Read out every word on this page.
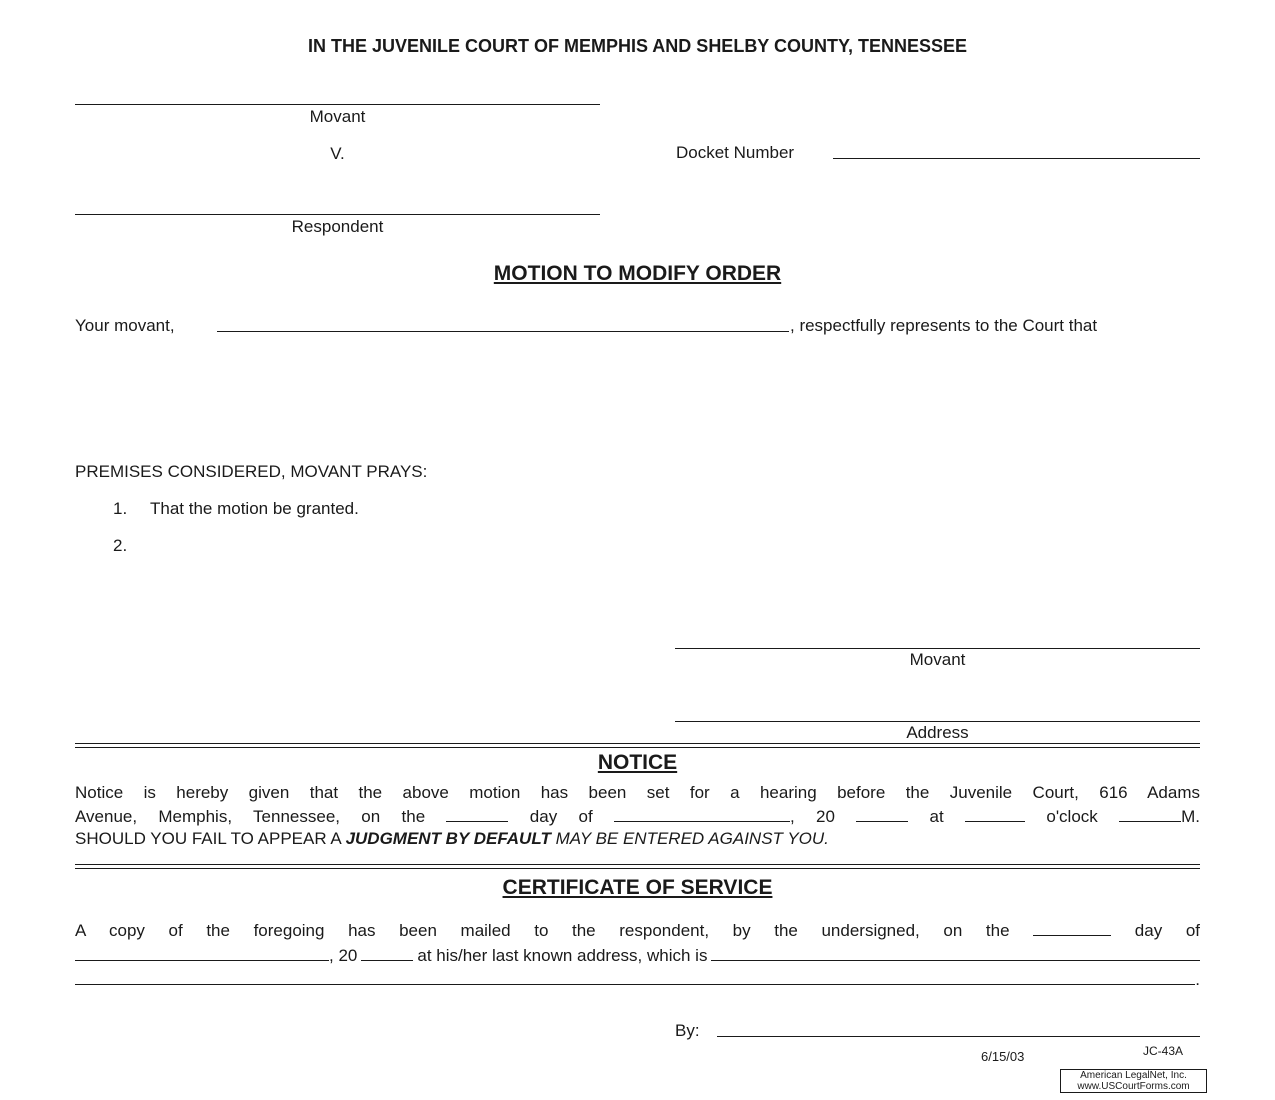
IN THE JUVENILE COURT OF MEMPHIS AND SHELBY COUNTY, TENNESSEE
Movant
V.	Docket Number
Respondent
MOTION TO MODIFY ORDER
Your movant,	, respectfully represents to the Court that
PREMISES CONSIDERED, MOVANT PRAYS:
1. That the motion be granted.
2.
Movant
Address
NOTICE
Notice is hereby given that the above motion has been set for a hearing before the Juvenile Court, 616 Adams
Avenue, Memphis, Tennessee, on the	day of	, 20	at	o'clock	M.
SHOULD YOU FAIL TO APPEAR A JUDGMENT BY DEFAULT MAY BE ENTERED AGAINST YOU.
CERTIFICATE OF SERVICE
A copy of the foregoing has been mailed to the respondent, by the undersigned, on the	day of
, 20	at his/her last known address, which is
.
By:
6/15/03	JC-43A
American LegalNet, Inc.
www.USCourtForms.com
